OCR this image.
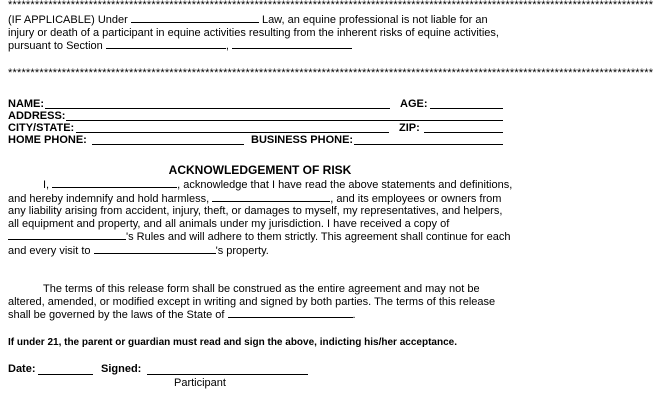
************************************************************************************************************************************************
(IF APPLICABLE) Under	Law, an equine professional is not liable for an injury or death of a participant in equine activities resulting from the inherent risks of equine activities, pursuant to Section	,
************************************************************************************************************************************************
NAME:	AGE:
ADDRESS:
CITY/STATE:	ZIP:
HOME PHONE:	BUSINESS PHONE:
ACKNOWLEDGEMENT OF RISK
I,	, acknowledge that I have read the above statements and definitions, and hereby indemnify and hold harmless,	, and its employees or owners from any liability arising from accident, injury, theft, or damages to myself, my representatives, and helpers, all equipment and property, and all animals under my jurisdiction. I have received a copy of 's Rules and will adhere to them strictly. This agreement shall continue for each and every visit to	's property.
The terms of this release form shall be construed as the entire agreement and may not be altered, amended, or modified except in writing and signed by both parties. The terms of this release shall be governed by the laws of the State of	.
If under 21, the parent or guardian must read and sign the above, indicting his/her acceptance.
Date:	Signed:
Participant
